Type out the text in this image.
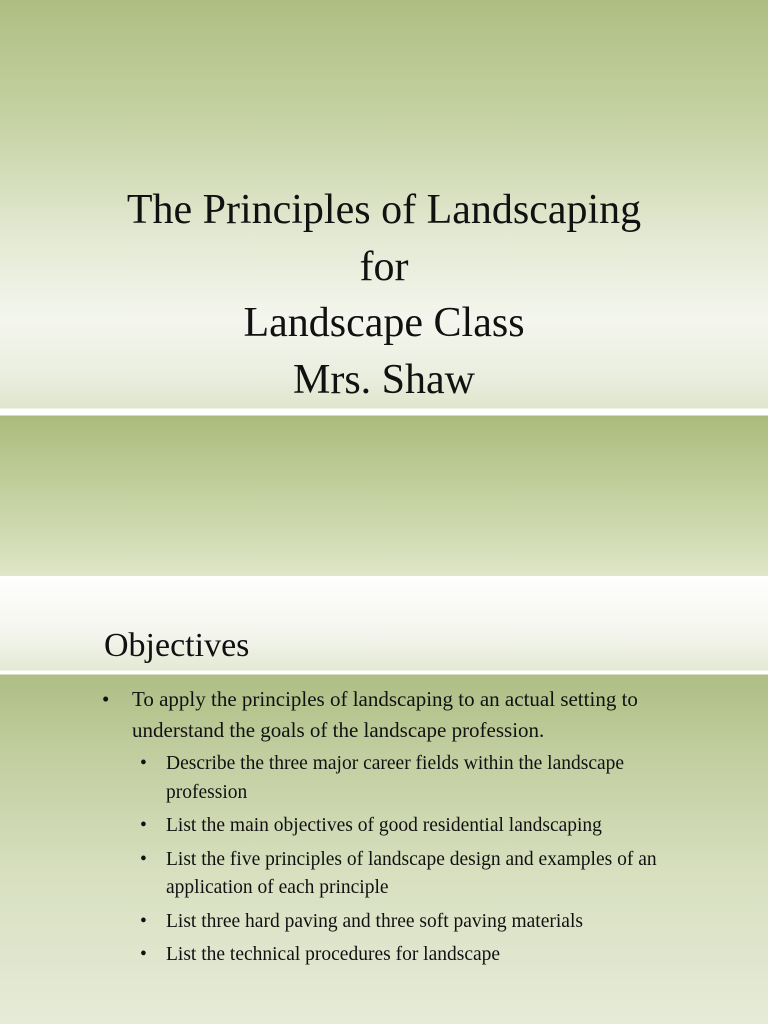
The Principles of Landscaping
for
Landscape Class
Mrs. Shaw
Objectives
• To apply the principles of landscaping to an actual setting to understand the goals of the landscape profession.
• Describe the three major career fields within the landscape profession
• List the main objectives of good residential landscaping
• List the five principles of landscape design and examples of an application of each principle
• List three hard paving and three soft paving materials
• List the technical procedures for landscape
